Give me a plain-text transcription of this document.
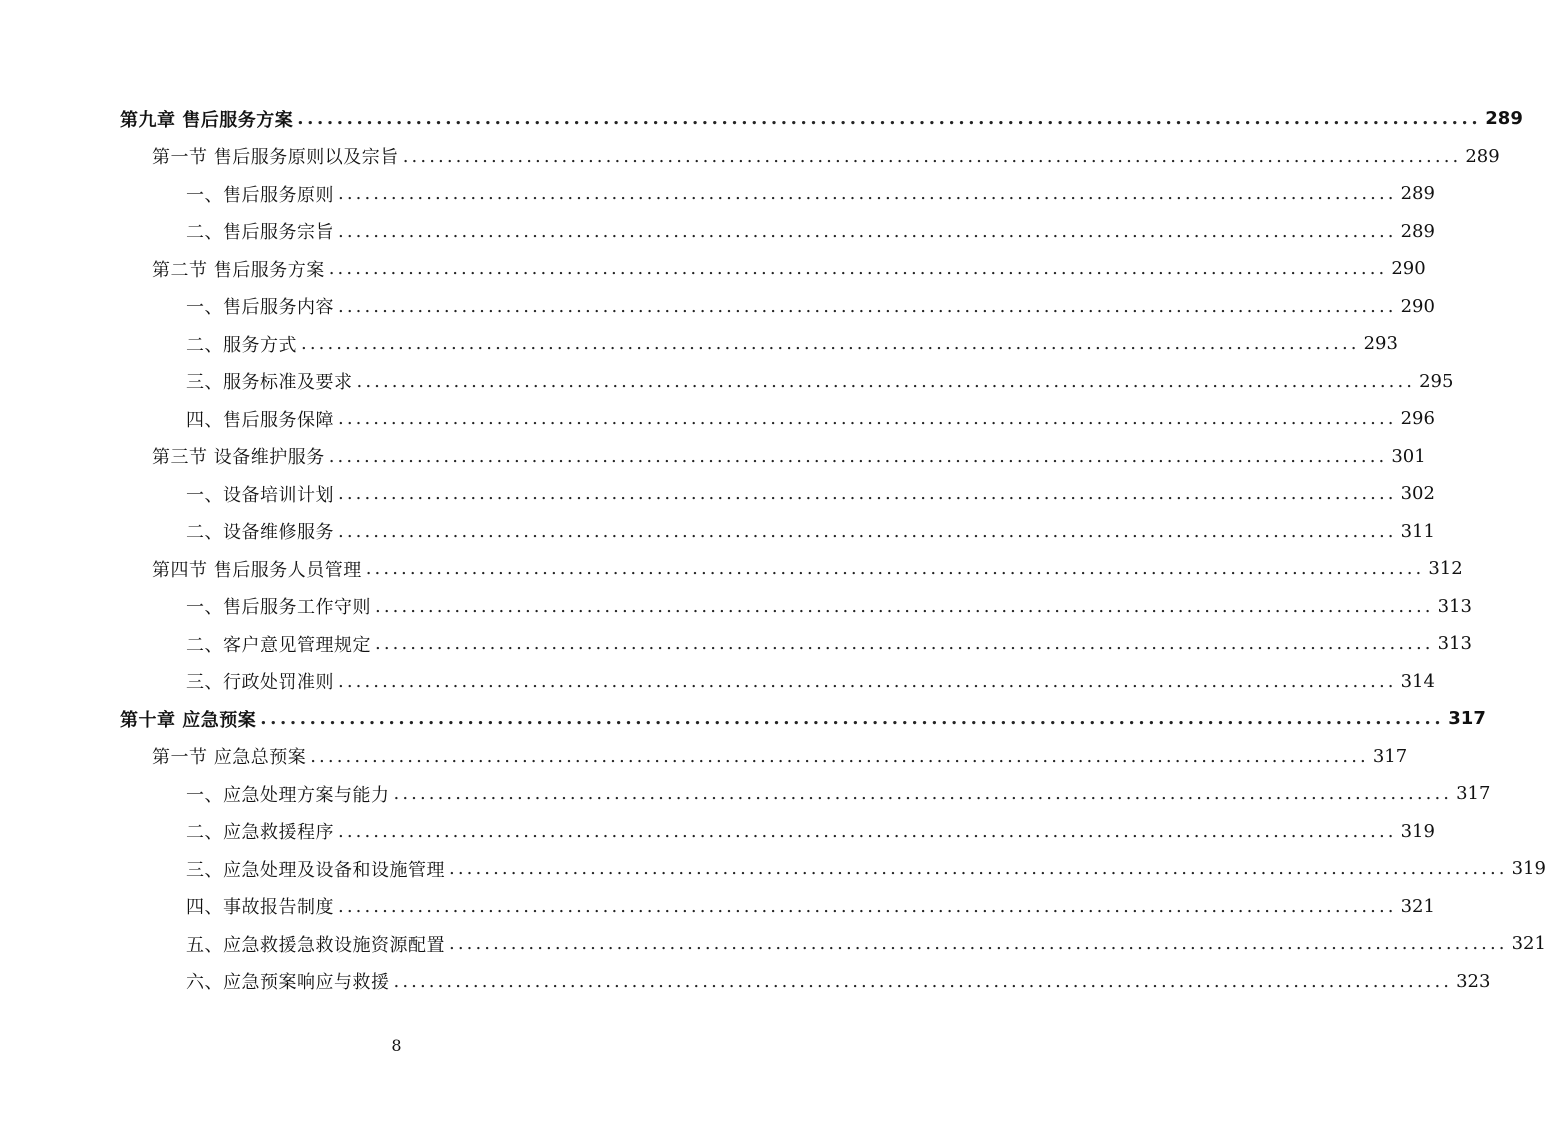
第九章 售后服务方案 ........................................................................................................................ 289
第一节 售后服务原则以及宗旨 ........................................................................................................................ 289
一、售后服务原则 ........................................................................................................................ 289
二、售后服务宗旨 ........................................................................................................................ 289
第二节 售后服务方案 ........................................................................................................................ 290
一、售后服务内容 ........................................................................................................................ 290
二、服务方式 ........................................................................................................................ 293
三、服务标准及要求 ........................................................................................................................ 295
四、售后服务保障 ........................................................................................................................ 296
第三节 设备维护服务 ........................................................................................................................ 301
一、设备培训计划 ........................................................................................................................ 302
二、设备维修服务 ........................................................................................................................ 311
第四节 售后服务人员管理 ........................................................................................................................ 312
一、售后服务工作守则 ........................................................................................................................ 313
二、客户意见管理规定 ........................................................................................................................ 313
三、行政处罚准则 ........................................................................................................................ 314
第十章 应急预案 ........................................................................................................................ 317
第一节 应急总预案 ........................................................................................................................ 317
一、应急处理方案与能力 ........................................................................................................................ 317
二、应急救援程序 ........................................................................................................................ 319
三、应急处理及设备和设施管理 ........................................................................................................................ 319
四、事故报告制度 ........................................................................................................................ 321
五、应急救援急救设施资源配置 ........................................................................................................................ 321
六、应急预案响应与救援 ........................................................................................................................ 323
8
